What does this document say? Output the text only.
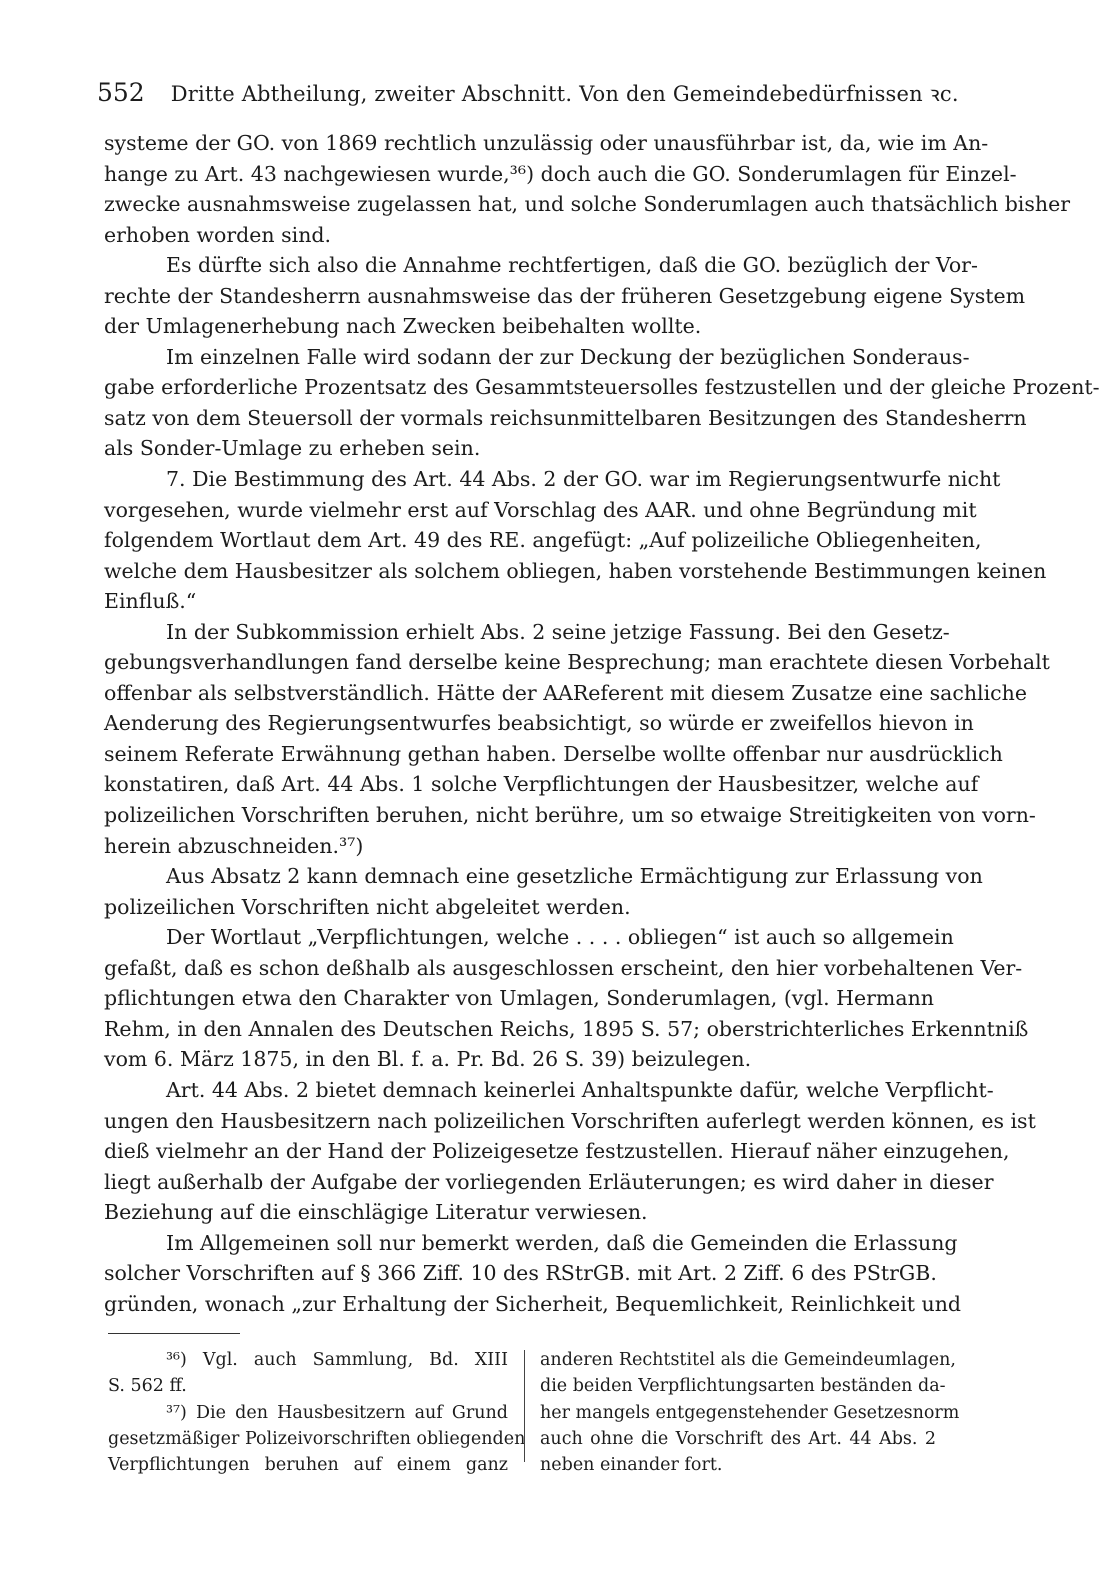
552 Dritte Abtheilung, zweiter Abschnitt. Von den Gemeindebedürfnissen ꝛc.
systeme der GO. von 1869 rechtlich unzulässig oder unausführbar ist, da, wie im An-
hange zu Art. 43 nachgewiesen wurde,³⁶) doch auch die GO. Sonderumlagen für Einzel-
zwecke ausnahmsweise zugelassen hat, und solche Sonderumlagen auch thatsächlich bisher
erhoben worden sind.
Es dürfte sich also die Annahme rechtfertigen, daß die GO. bezüglich der Vor-
rechte der Standesherrn ausnahmsweise das der früheren Gesetzgebung eigene System
der Umlagenerhebung nach Zwecken beibehalten wollte.
Im einzelnen Falle wird sodann der zur Deckung der bezüglichen Sonderaus-
gabe erforderliche Prozentsatz des Gesammtsteuersolles festzustellen und der gleiche Prozent-
satz von dem Steuersoll der vormals reichsunmittelbaren Besitzungen des Standesherrn
als Sonder-Umlage zu erheben sein.
7. Die Bestimmung des Art. 44 Abs. 2 der GO. war im Regierungsentwurfe nicht
vorgesehen, wurde vielmehr erst auf Vorschlag des AAR. und ohne Begründung mit
folgendem Wortlaut dem Art. 49 des RE. angefügt: „Auf polizeiliche Obliegenheiten,
welche dem Hausbesitzer als solchem obliegen, haben vorstehende Bestimmungen keinen
Einfluß.“
In der Subkommission erhielt Abs. 2 seine jetzige Fassung. Bei den Gesetz-
gebungsverhandlungen fand derselbe keine Besprechung; man erachtete diesen Vorbehalt
offenbar als selbstverständlich. Hätte der AAReferent mit diesem Zusatze eine sachliche
Aenderung des Regierungsentwurfes beabsichtigt, so würde er zweifellos hievon in
seinem Referate Erwähnung gethan haben. Derselbe wollte offenbar nur ausdrücklich
konstatiren, daß Art. 44 Abs. 1 solche Verpflichtungen der Hausbesitzer, welche auf
polizeilichen Vorschriften beruhen, nicht berühre, um so etwaige Streitigkeiten von vorn-
herein abzuschneiden.³⁷)
Aus Absatz 2 kann demnach eine gesetzliche Ermächtigung zur Erlassung von
polizeilichen Vorschriften nicht abgeleitet werden.
Der Wortlaut „Verpflichtungen, welche . . . . obliegen“ ist auch so allgemein
gefaßt, daß es schon deßhalb als ausgeschlossen erscheint, den hier vorbehaltenen Ver-
pflichtungen etwa den Charakter von Umlagen, Sonderumlagen, (vgl. Hermann
Rehm, in den Annalen des Deutschen Reichs, 1895 S. 57; oberstrichterliches Erkenntniß
vom 6. März 1875, in den Bl. f. a. Pr. Bd. 26 S. 39) beizulegen.
Art. 44 Abs. 2 bietet demnach keinerlei Anhaltspunkte dafür, welche Verpflicht-
ungen den Hausbesitzern nach polizeilichen Vorschriften auferlegt werden können, es ist
dieß vielmehr an der Hand der Polizeigesetze festzustellen. Hierauf näher einzugehen,
liegt außerhalb der Aufgabe der vorliegenden Erläuterungen; es wird daher in dieser
Beziehung auf die einschlägige Literatur verwiesen.
Im Allgemeinen soll nur bemerkt werden, daß die Gemeinden die Erlassung
solcher Vorschriften auf § 366 Ziff. 10 des RStrGB. mit Art. 2 Ziff. 6 des PStrGB.
gründen, wonach „zur Erhaltung der Sicherheit, Bequemlichkeit, Reinlichkeit und
³⁶) Vgl. auch Sammlung, Bd. XIII
S. 562 ff.
³⁷) Die den Hausbesitzern auf Grund
gesetzmäßiger Polizeivorschriften obliegenden
Verpflichtungen beruhen auf einem ganz
anderen Rechtstitel als die Gemeindeumlagen,
die beiden Verpflichtungsarten beständen da-
her mangels entgegenstehender Gesetzesnorm
auch ohne die Vorschrift des Art. 44 Abs. 2
neben einander fort.
